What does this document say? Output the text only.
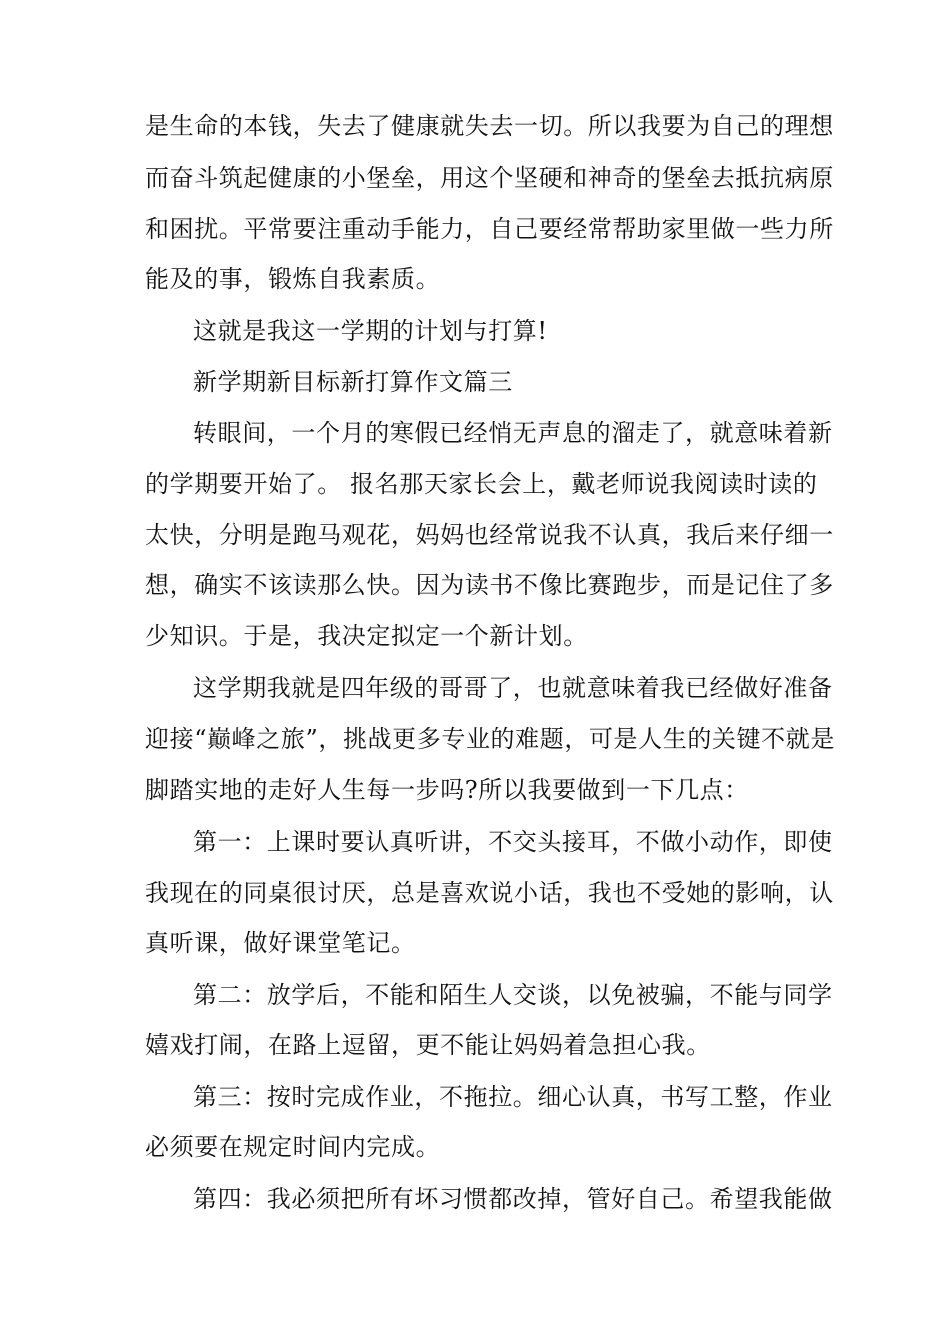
是生命的本钱，失去了健康就失去一切。所以我要为自己的理想
而奋斗筑起健康的小堡垒，用这个坚硬和神奇的堡垒去抵抗病原
和困扰。平常要注重动手能力，自己要经常帮助家里做一些力所
能及的事，锻炼自我素质。
这就是我这一学期的计划与打算!
新学期新目标新打算作文篇三
转眼间，一个月的寒假已经悄无声息的溜走了，就意味着新
的学期要开始了。 报名那天家长会上，戴老师说我阅读时读的
太快，分明是跑马观花，妈妈也经常说我不认真，我后来仔细一
想，确实不该读那么快。因为读书不像比赛跑步，而是记住了多
少知识。于是，我决定拟定一个新计划。
这学期我就是四年级的哥哥了，也就意味着我已经做好准备
迎接“巅峰之旅”，挑战更多专业的难题，可是人生的关键不就是
脚踏实地的走好人生每一步吗?所以我要做到一下几点：
第一：上课时要认真听讲，不交头接耳，不做小动作，即使
我现在的同桌很讨厌，总是喜欢说小话，我也不受她的影响，认
真听课，做好课堂笔记。
第二：放学后，不能和陌生人交谈，以免被骗，不能与同学
嬉戏打闹，在路上逗留，更不能让妈妈着急担心我。
第三：按时完成作业，不拖拉。细心认真，书写工整，作业
必须要在规定时间内完成。
第四：我必须把所有坏习惯都改掉，管好自己。希望我能做
